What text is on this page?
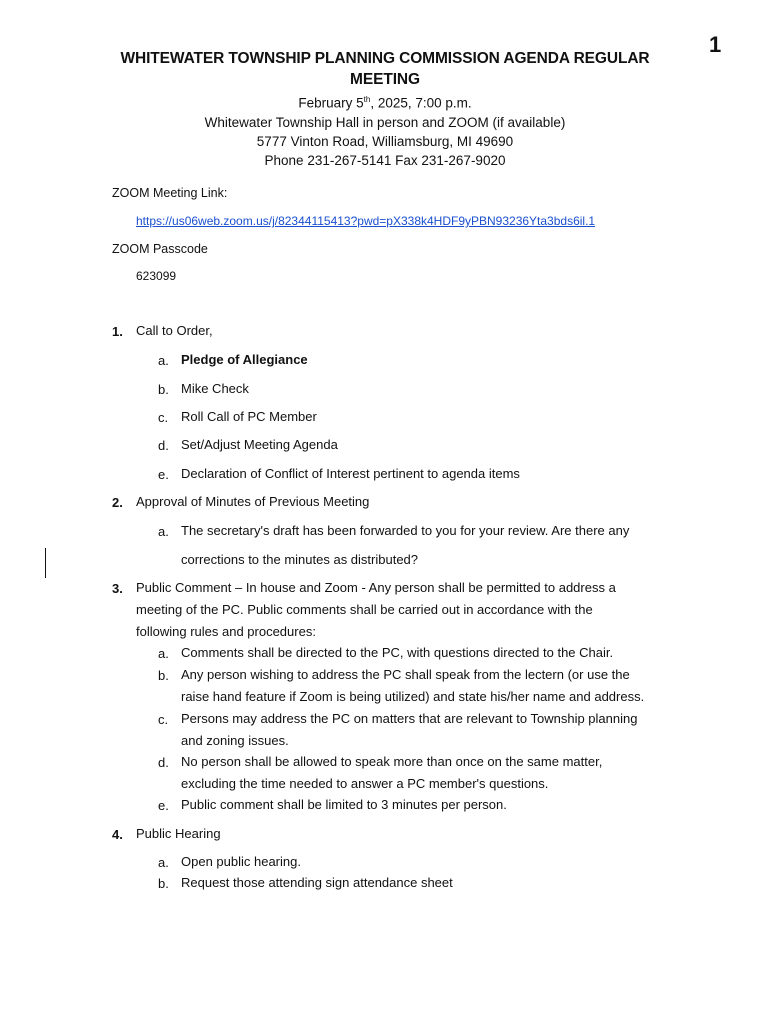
1

WHITEWATER TOWNSHIP PLANNING COMMISSION AGENDA REGULAR MEETING

February 5th, 2025, 7:00 p.m.
Whitewater Township Hall in person and ZOOM (if available)
5777 Vinton Road, Williamsburg, MI 49690
Phone 231-267-5141 Fax 231-267-9020
ZOOM Meeting Link:
https://us06web.zoom.us/j/82344115413?pwd=pX338k4HDF9yPBN93236Yta3bds6il.1
ZOOM Passcode
623099
1. Call to Order,
a. Pledge of Allegiance
b. Mike Check
c. Roll Call of PC Member
d. Set/Adjust Meeting Agenda
e. Declaration of Conflict of Interest pertinent to agenda items
2. Approval of Minutes of Previous Meeting
a. The secretary's draft has been forwarded to you for your review. Are there any
corrections to the minutes as distributed?
3. Public Comment – In house and Zoom - Any person shall be permitted to address a
meeting of the PC. Public comments shall be carried out in accordance with the
following rules and procedures:
a. Comments shall be directed to the PC, with questions directed to the Chair.
b. Any person wishing to address the PC shall speak from the lectern (or use the
raise hand feature if Zoom is being utilized) and state his/her name and address.
c. Persons may address the PC on matters that are relevant to Township planning
and zoning issues.
d. No person shall be allowed to speak more than once on the same matter,
excluding the time needed to answer a PC member's questions.
e. Public comment shall be limited to 3 minutes per person.
4. Public Hearing
a. Open public hearing.
b. Request those attending sign attendance sheet
